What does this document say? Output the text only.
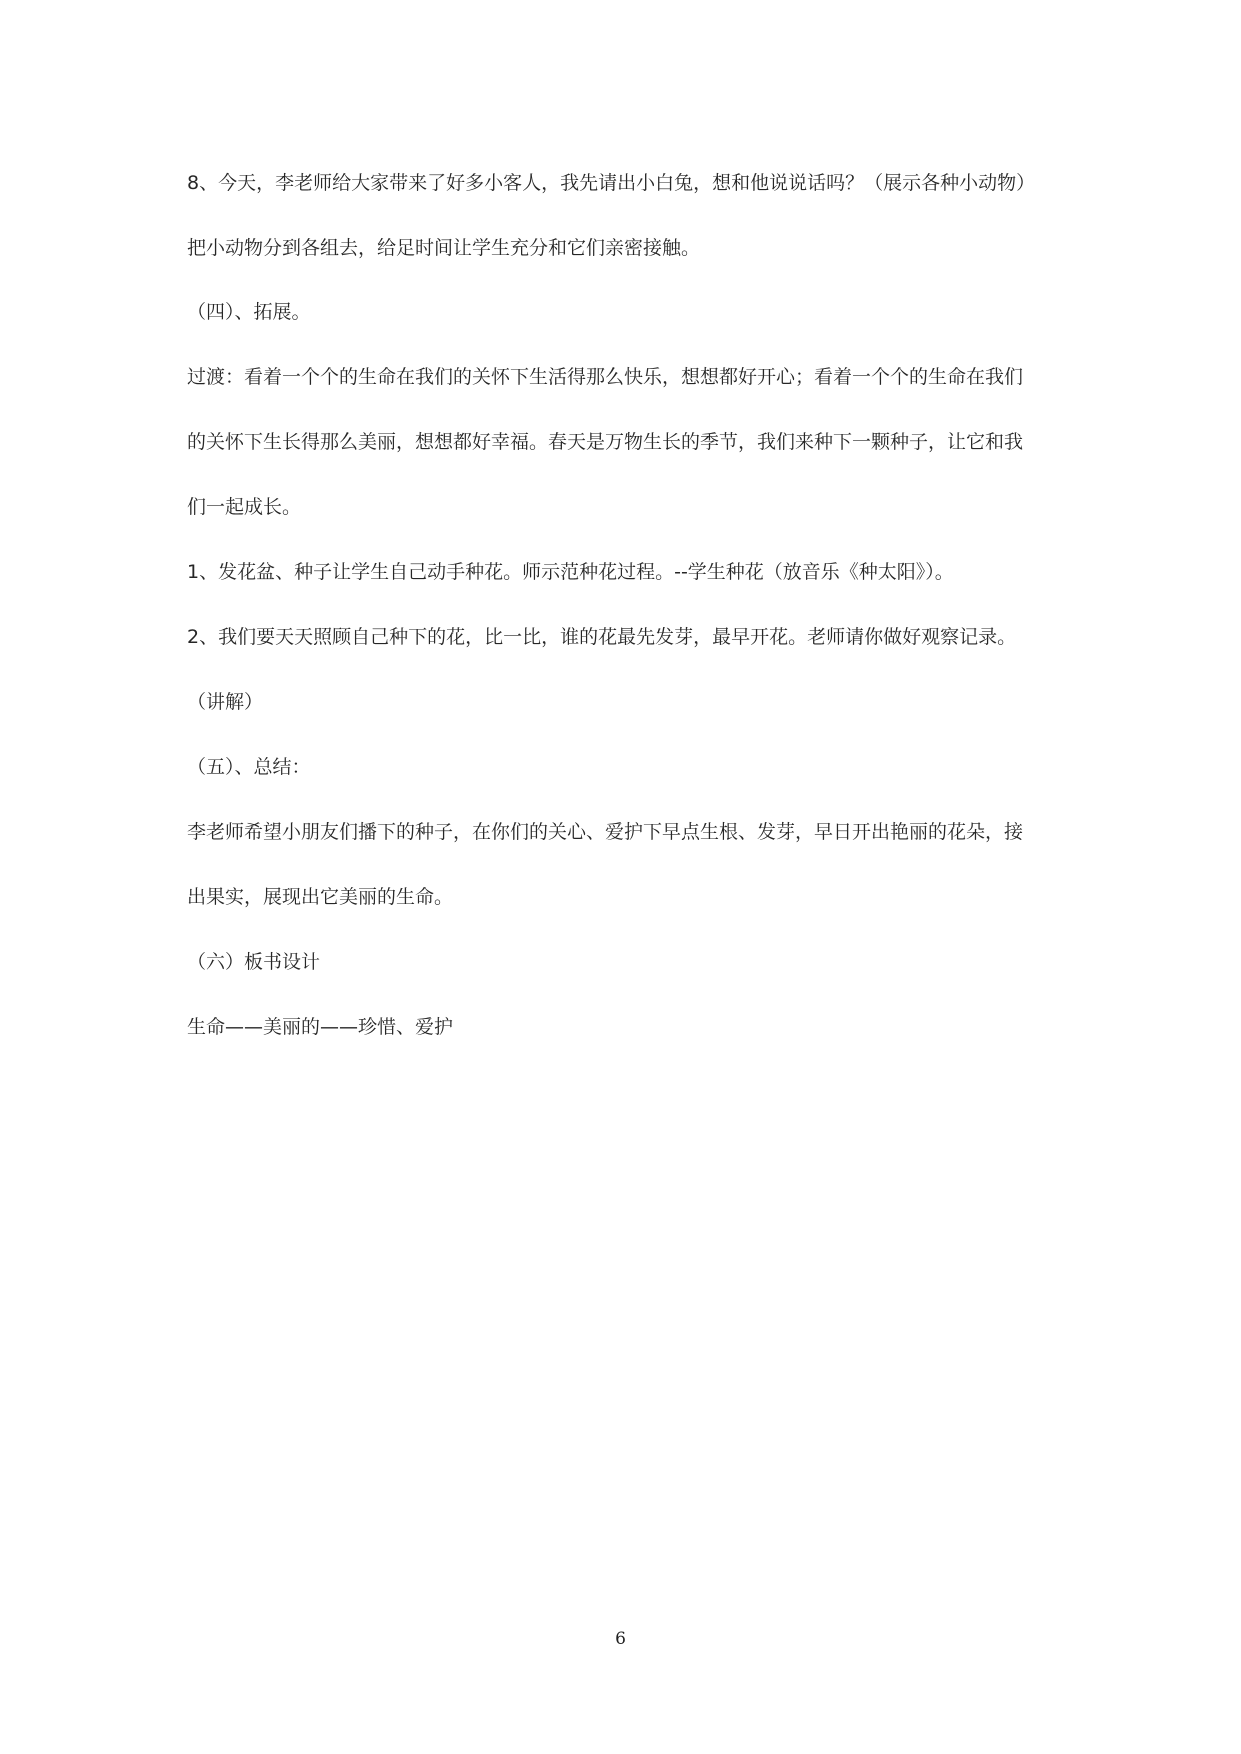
8、今天，李老师给大家带来了好多小客人，我先请出小白兔，想和他说说话吗？（展示各种小动物）
把小动物分到各组去，给足时间让学生充分和它们亲密接触。
（四）、拓展。
过渡：看着一个个的生命在我们的关怀下生活得那么快乐，想想都好开心；看着一个个的生命在我们
的关怀下生长得那么美丽，想想都好幸福。春天是万物生长的季节，我们来种下一颗种子，让它和我
们一起成长。
1、发花盆、种子让学生自己动手种花。师示范种花过程。--学生种花（放音乐《种太阳》）。
2、我们要天天照顾自己种下的花，比一比，谁的花最先发芽，最早开花。老师请你做好观察记录。
（讲解）
（五）、总结：
李老师希望小朋友们播下的种子，在你们的关心、爱护下早点生根、发芽，早日开出艳丽的花朵，接
出果实，展现出它美丽的生命。
（六）板书设计
生命——美丽的——珍惜、爱护
6
